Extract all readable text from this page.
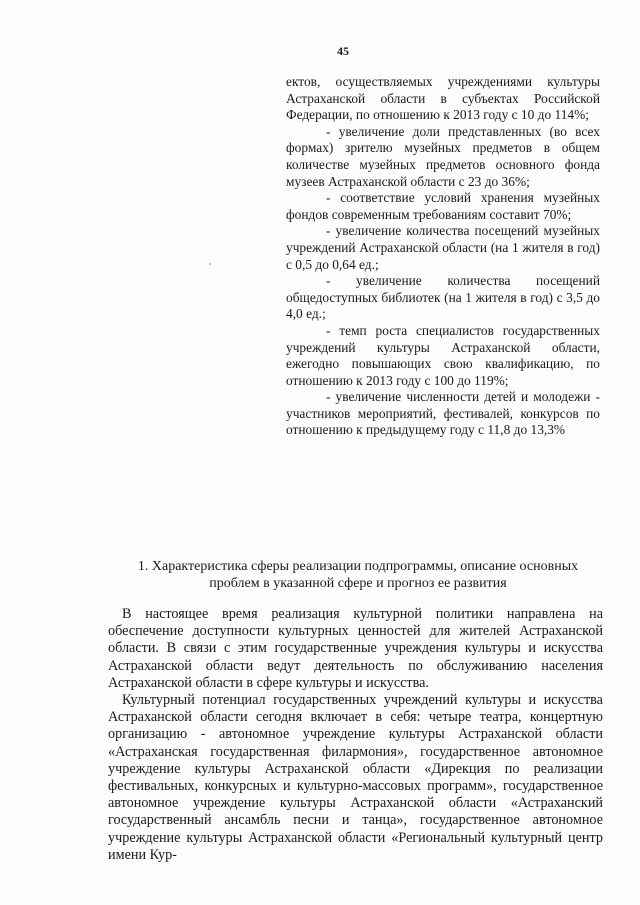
45

ектов, осуществляемых учреждениями культуры Астраханской области в субъектах Российской Федерации, по отношению к 2013 году с 10 до 114%;

- увеличение доли представленных (во всех формах) зрителю музейных предметов в общем количестве музейных предметов основного фонда музеев Астраханской области с 23 до 36%;

- соответствие условий хранения музейных фондов современным требованиям составит 70%;

- увеличение количества посещений музейных учреждений Астраханской области (на 1 жителя в год) с 0,5 до 0,64 ед.;

- увеличение количества посещений общедоступных библиотек (на 1 жителя в год) с 3,5 до 4,0 ед.;

- темп роста специалистов государственных учреждений культуры Астраханской области, ежегодно повышающих свою квалификацию, по отношению к 2013 году с 100 до 119%;

- увеличение численности детей и молодежи - участников мероприятий, фестивалей, конкурсов по отношению к предыдущему году с 11,8 до 13,3%

1. Характеристика сферы реализации подпрограммы, описание основных

проблем в указанной сфере и прогноз ее развития

В настоящее время реализация культурной политики направлена на обеспечение доступности культурных ценностей для жителей Астраханской области. В связи с этим государственные учреждения культуры и искусства Астраханской области ведут деятельность по обслуживанию населения Астраханской области в сфере культуры и искусства.

Культурный потенциал государственных учреждений культуры и искусства Астраханской области сегодня включает в себя: четыре театра, концертную организацию - автономное учреждение культуры Астраханской области «Астраханская государственная филармония», государственное автономное учреждение культуры Астраханской области «Дирекция по реализации фестивальных, конкурсных и культурно-массовых программ», государственное автономное учреждение культуры Астраханской области «Астраханский государственный ансамбль песни и танца», государственное автономное учреждение культуры Астраханской области «Региональный культурный центр имени Кур-
